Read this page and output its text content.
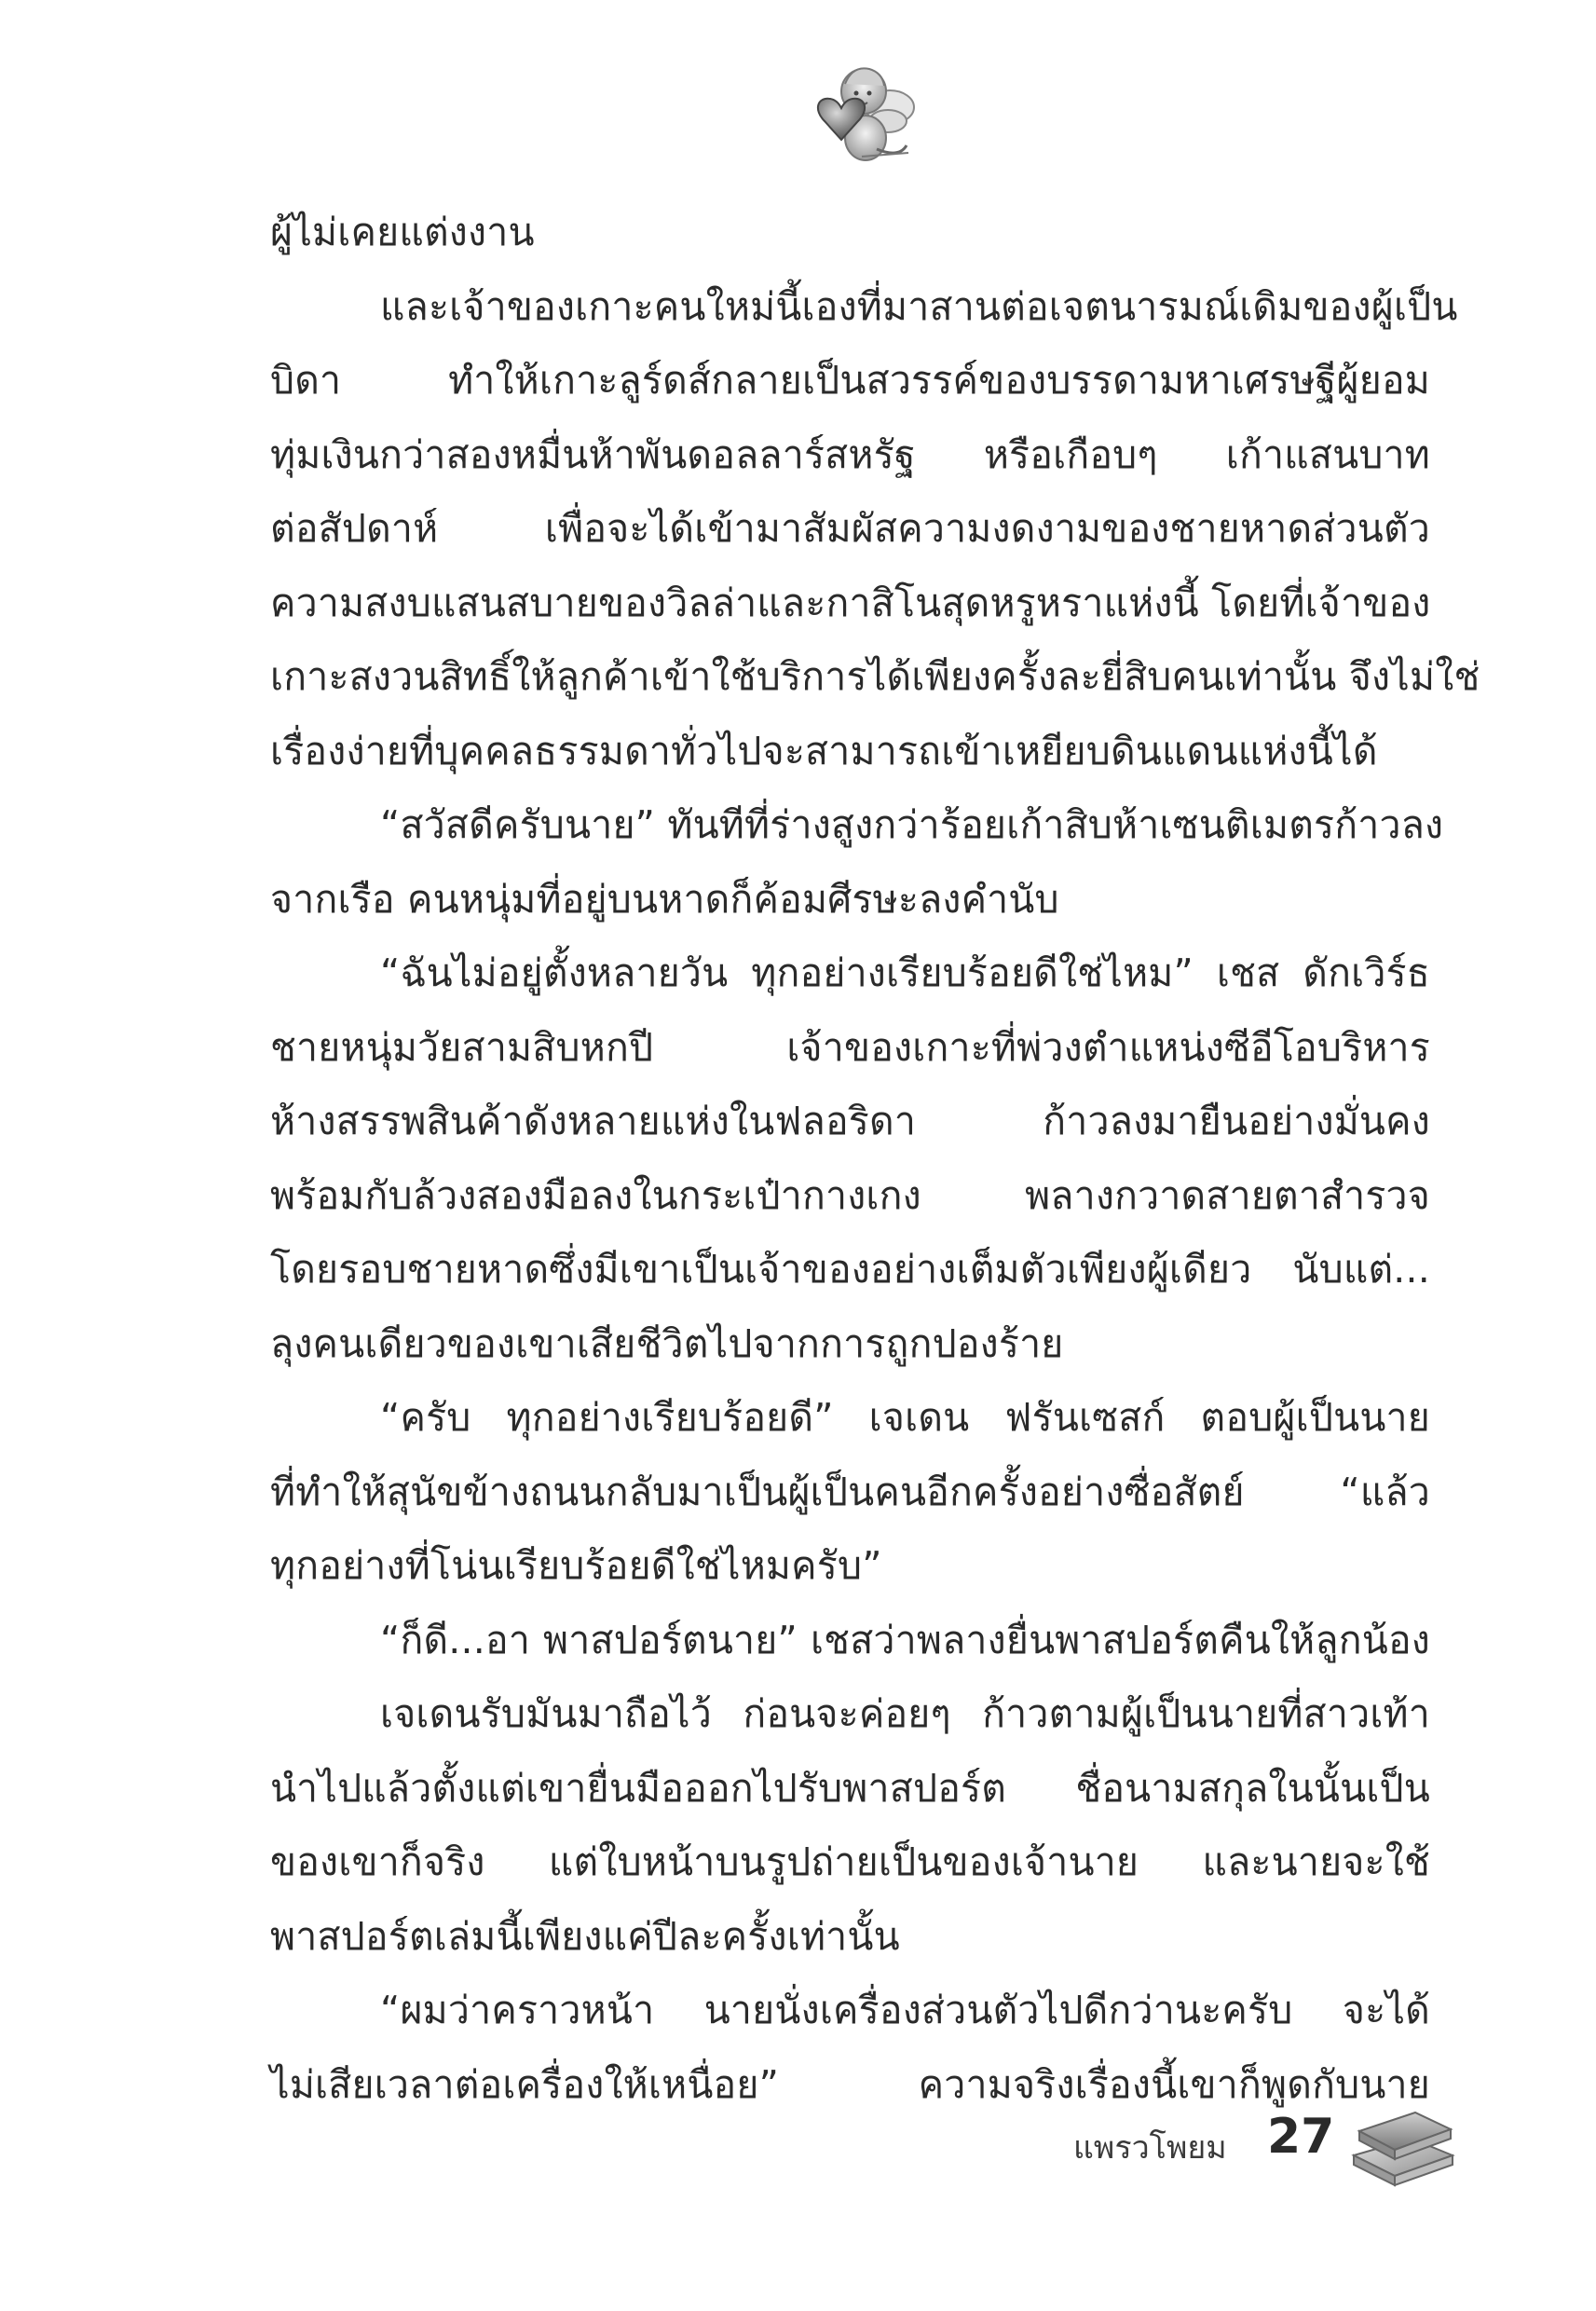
ผู้ไม่เคยแต่งงาน
และเจ้าของเกาะคนใหม่นี้เองที่มาสานต่อเจตนารมณ์เดิมของผู้เป็น
บิดา ทำให้เกาะลูร์ดส์กลายเป็นสวรรค์ของบรรดามหาเศรษฐีผู้ยอม
ทุ่มเงินกว่าสองหมื่นห้าพันดอลลาร์สหรัฐ หรือเกือบๆ เก้าแสนบาท
ต่อสัปดาห์ เพื่อจะได้เข้ามาสัมผัสความงดงามของชายหาดส่วนตัว
ความสงบแสนสบายของวิลล่าและกาสิโนสุดหรูหราแห่งนี้ โดยที่เจ้าของ
เกาะสงวนสิทธิ์ให้ลูกค้าเข้าใช้บริการได้เพียงครั้งละยี่สิบคนเท่านั้น จึงไม่ใช่
เรื่องง่ายที่บุคคลธรรมดาทั่วไปจะสามารถเข้าเหยียบดินแดนแห่งนี้ได้
“สวัสดีครับนาย” ทันทีที่ร่างสูงกว่าร้อยเก้าสิบห้าเซนติเมตรก้าวลง
จากเรือ คนหนุ่มที่อยู่บนหาดก็ค้อมศีรษะลงคำนับ
“ฉันไม่อยู่ตั้งหลายวัน ทุกอย่างเรียบร้อยดีใช่ไหม” เชส ดักเวิร์ธ
ชายหนุ่มวัยสามสิบหกปี เจ้าของเกาะที่พ่วงตำแหน่งซีอีโอบริหาร
ห้างสรรพสินค้าดังหลายแห่งในฟลอริดา ก้าวลงมายืนอย่างมั่นคง
พร้อมกับล้วงสองมือลงในกระเป๋ากางเกง พลางกวาดสายตาสำรวจ
โดยรอบชายหาดซึ่งมีเขาเป็นเจ้าของอย่างเต็มตัวเพียงผู้เดียว นับแต่...
ลุงคนเดียวของเขาเสียชีวิตไปจากการถูกปองร้าย
“ครับ ทุกอย่างเรียบร้อยดี” เจเดน ฟรันเซสก์ ตอบผู้เป็นนาย
ที่ทำให้สุนัขข้างถนนกลับมาเป็นผู้เป็นคนอีกครั้งอย่างซื่อสัตย์ “แล้ว
ทุกอย่างที่โน่นเรียบร้อยดีใช่ไหมครับ”
“ก็ดี...อา พาสปอร์ตนาย” เชสว่าพลางยื่นพาสปอร์ตคืนให้ลูกน้อง
เจเดนรับมันมาถือไว้ ก่อนจะค่อยๆ ก้าวตามผู้เป็นนายที่สาวเท้า
นำไปแล้วตั้งแต่เขายื่นมือออกไปรับพาสปอร์ต ชื่อนามสกุลในนั้นเป็น
ของเขาก็จริง แต่ใบหน้าบนรูปถ่ายเป็นของเจ้านาย และนายจะใช้
พาสปอร์ตเล่มนี้เพียงแค่ปีละครั้งเท่านั้น
“ผมว่าคราวหน้า นายนั่งเครื่องส่วนตัวไปดีกว่านะครับ จะได้
ไม่เสียเวลาต่อเครื่องให้เหนื่อย” ความจริงเรื่องนี้เขาก็พูดกับนาย
แพรวโพยม 27
